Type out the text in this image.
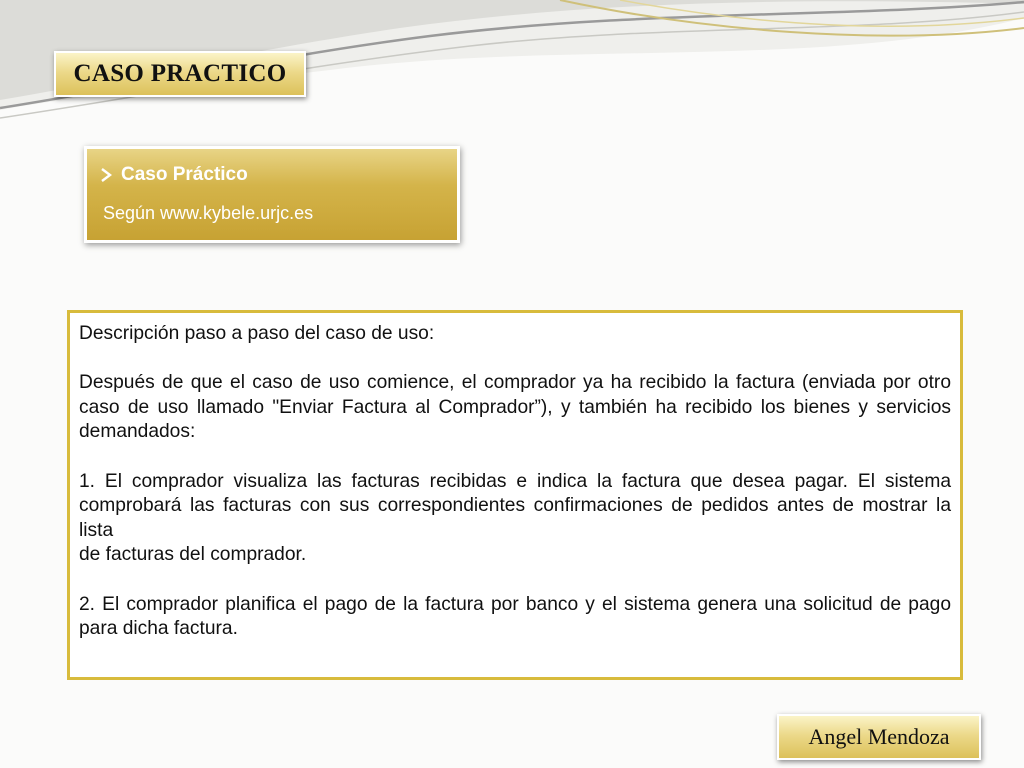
CASO PRACTICO
Caso Práctico
Según www.kybele.urjc.es

Descripción paso a paso del caso de uso:

Después de que el caso de uso comience, el comprador ya ha recibido la factura (enviada por otro caso de uso llamado "Enviar Factura al Comprador”), y también ha recibido los bienes y servicios demandados:

1. El comprador visualiza las facturas recibidas e indica la factura que desea pagar. El sistema comprobará las facturas con sus correspondientes confirmaciones de pedidos antes de mostrar la lista

de facturas del comprador.

2. El comprador planifica el pago de la factura por banco y el sistema genera una solicitud de pago para dicha factura.

Angel Mendoza
